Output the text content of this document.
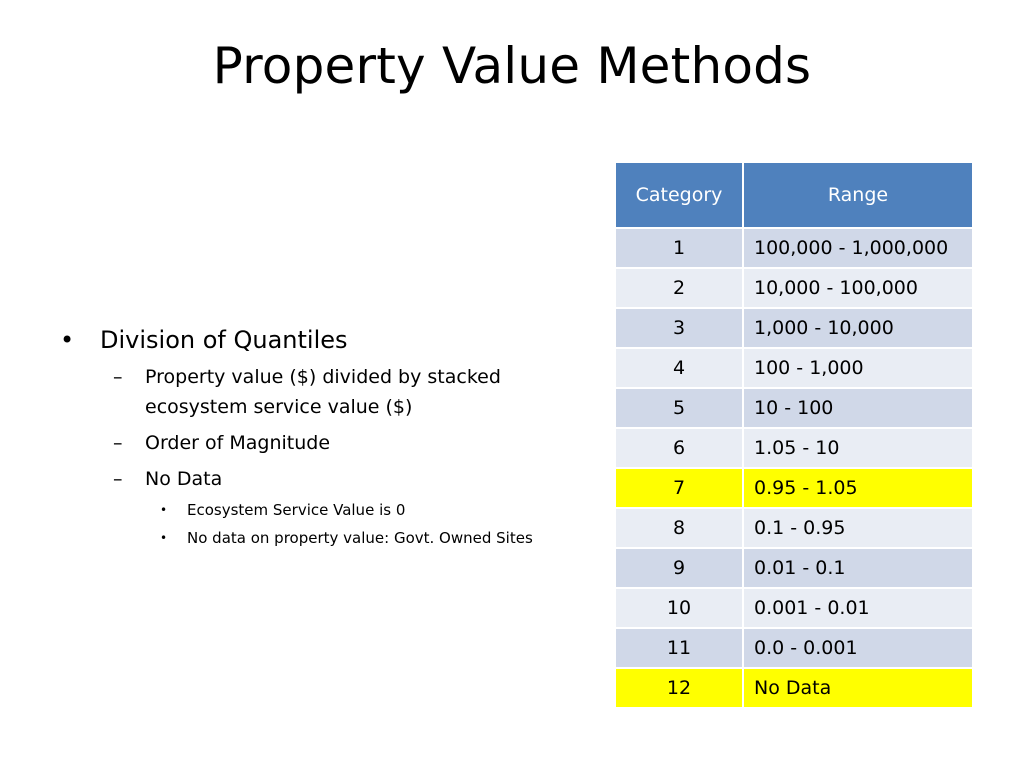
Property Value Methods
• Division of Quantiles
– Property value ($) divided by stacked ecosystem service value ($)
– Order of Magnitude
– No Data
• Ecosystem Service Value is 0
• No data on property value: Govt. Owned Sites
Category	Range
1	100,000 - 1,000,000
2	10,000 - 100,000
3	1,000 - 10,000
4	100 - 1,000
5	10 - 100
6	1.05 - 10
7	0.95 - 1.05
8	0.1 - 0.95
9	0.01 - 0.1
10	0.001 - 0.01
11	0.0 - 0.001
12	No Data
